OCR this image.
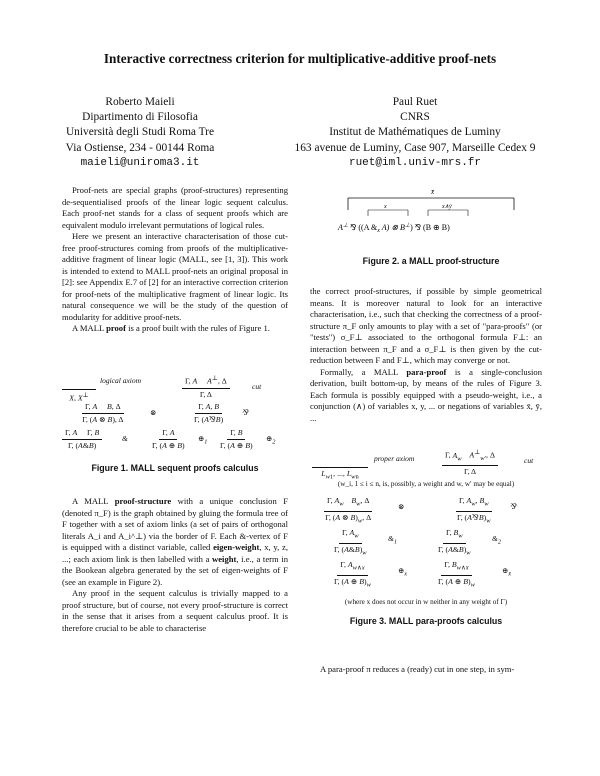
Interactive correctness criterion for multiplicative-additive proof-nets
Roberto Maieli
Dipartimento di Filosofia
Università degli Studi Roma Tre
Via Ostiense, 234 - 00144 Roma
maieli@uniroma3.it
Paul Ruet
CNRS
Institut de Mathématiques de Luminy
163 avenue de Luminy, Case 907, Marseille Cedex 9
ruet@iml.univ-mrs.fr

Proof-nets are special graphs (proof-structures) representing de-sequentialised proofs of the linear logic sequent calculus. Each proof-net stands for a class of sequent proofs which are equivalent modulo irrelevant permutations of logical rules.

Here we present an interactive characterisation of those cut-free proof-structures coming from proofs of the multiplicative-additive fragment of linear logic (MALL, see [1, 3]). This work is intended to extend to MALL proof-nets an original proposal in [2]: see Appendix E.7 of [2] for an interactive correction criterion for proof-nets of the multiplicative fragment of linear logic. Its natural consequence we will be the study of the question of modularity for additive proof-nets.

A MALL proof is a proof built with the rules of Figure 1.

X, X⊥
logical axiom	$\frac{\Gamma, A A^\perp, \Delta}{\Gamma, \Delta}$	cut
$\frac{\text{Γ, A B, Δ}}{\Gamma, (A \otimes B), \Delta}$	⊗	$\frac{\Gamma, A, B}{\Gamma, (A⅋B)}$	⅋
$\frac{\text{Γ, A     Γ, B}}{\Gamma, (A\&B)}$	&	$\frac{\Gamma, A}{\Gamma, (A \oplus B)}$ $\oplus_1 \frac{\Gamma, B}{\Gamma, (A \oplus B)}$ $\oplus_2$
Figure 1. MALL sequent proofs calculus

A MALL proof-structure with a unique conclusion F (denoted π_F) is the graph obtained by gluing the formula tree of F together with a set of axiom links (a set of pairs of orthogonal literals A_i and A_i^⊥) via the border of F. Each &-vertex of F is equipped with a distinct variable, called eigen-weight, x, y, z, ...; each axiom link is then labelled with a weight, i.e., a term in the Bookean algebra generated by the set of eigen-weights of F (see an example in Figure 2).

Any proof in the sequent calculus is trivially mapped to a proof structure, but of course, not every proof-structure is correct in the sense that it arises from a sequent calculus proof. It is therefore crucial to be able to characterise

x̄
x	x∧ȳ
A⊥ ⅋ ((A $\&_x$ A) ⊗ B⊥) ⅋ (B ⊕ B)
Figure 2. a MALL proof-structure

the correct proof-structures, if possible by simple geometrical means. It is moreover natural to look for an interactive characterisation, i.e., such that checking the correctness of a proof-structure π_F only amounts to play with a set of "para-proofs" (or "tests") σ_F⊥ associated to the orthogonal formula F⊥: an interaction between π_F and a σ_F⊥ is then given by the cut-reduction between F and F⊥, which may converge or not.

Formally, a MALL para-proof is a single-conclusion derivation, built bottom-up, by means of the rules of Figure 3. Each formula is possibly equipped with a pseudo-weight, i.e., a conjunction (∧) of variables x, y, ... or negations of variables x̄, ȳ, ...

$L_{w1}$, ..., $L_{wn}$
proper axiom	$\frac{\Gamma, A_w A^\perp_{w'}, \Delta}{\Gamma, \Delta}$	cut
(w_i, 1 ≤ i ≤ n, is, possibly, a weight and w, w′ may be equal)
$\frac{\Gamma, A_w B_w, \Delta}{\Gamma, (A \otimes B)_w, \Delta}$	⊗	$\frac{\Gamma, A_w, B_w}{\Gamma, (A⅋B)_w}$ ⅋
$\frac{\Gamma, A_w}{\Gamma, (A\&B)_w}$	$\&_1$	$\frac{\Gamma, B_w}{\Gamma, (A\&B)_w}$	$\&_2$
$\frac{\Gamma, A_{w\wedge x}}{\Gamma, (A \oplus B)_w}$	$\oplus_x$	$\frac{\Gamma, B_{w\wedge x̄}}{\Gamma, (A \oplus B)_w}$	$\oplus_{x̄}$
(where x does not occur in w neither in any weight of Γ)
Figure 3. MALL para-proofs calculus

A para-proof π reduces a (ready) cut in one step, in sym-
